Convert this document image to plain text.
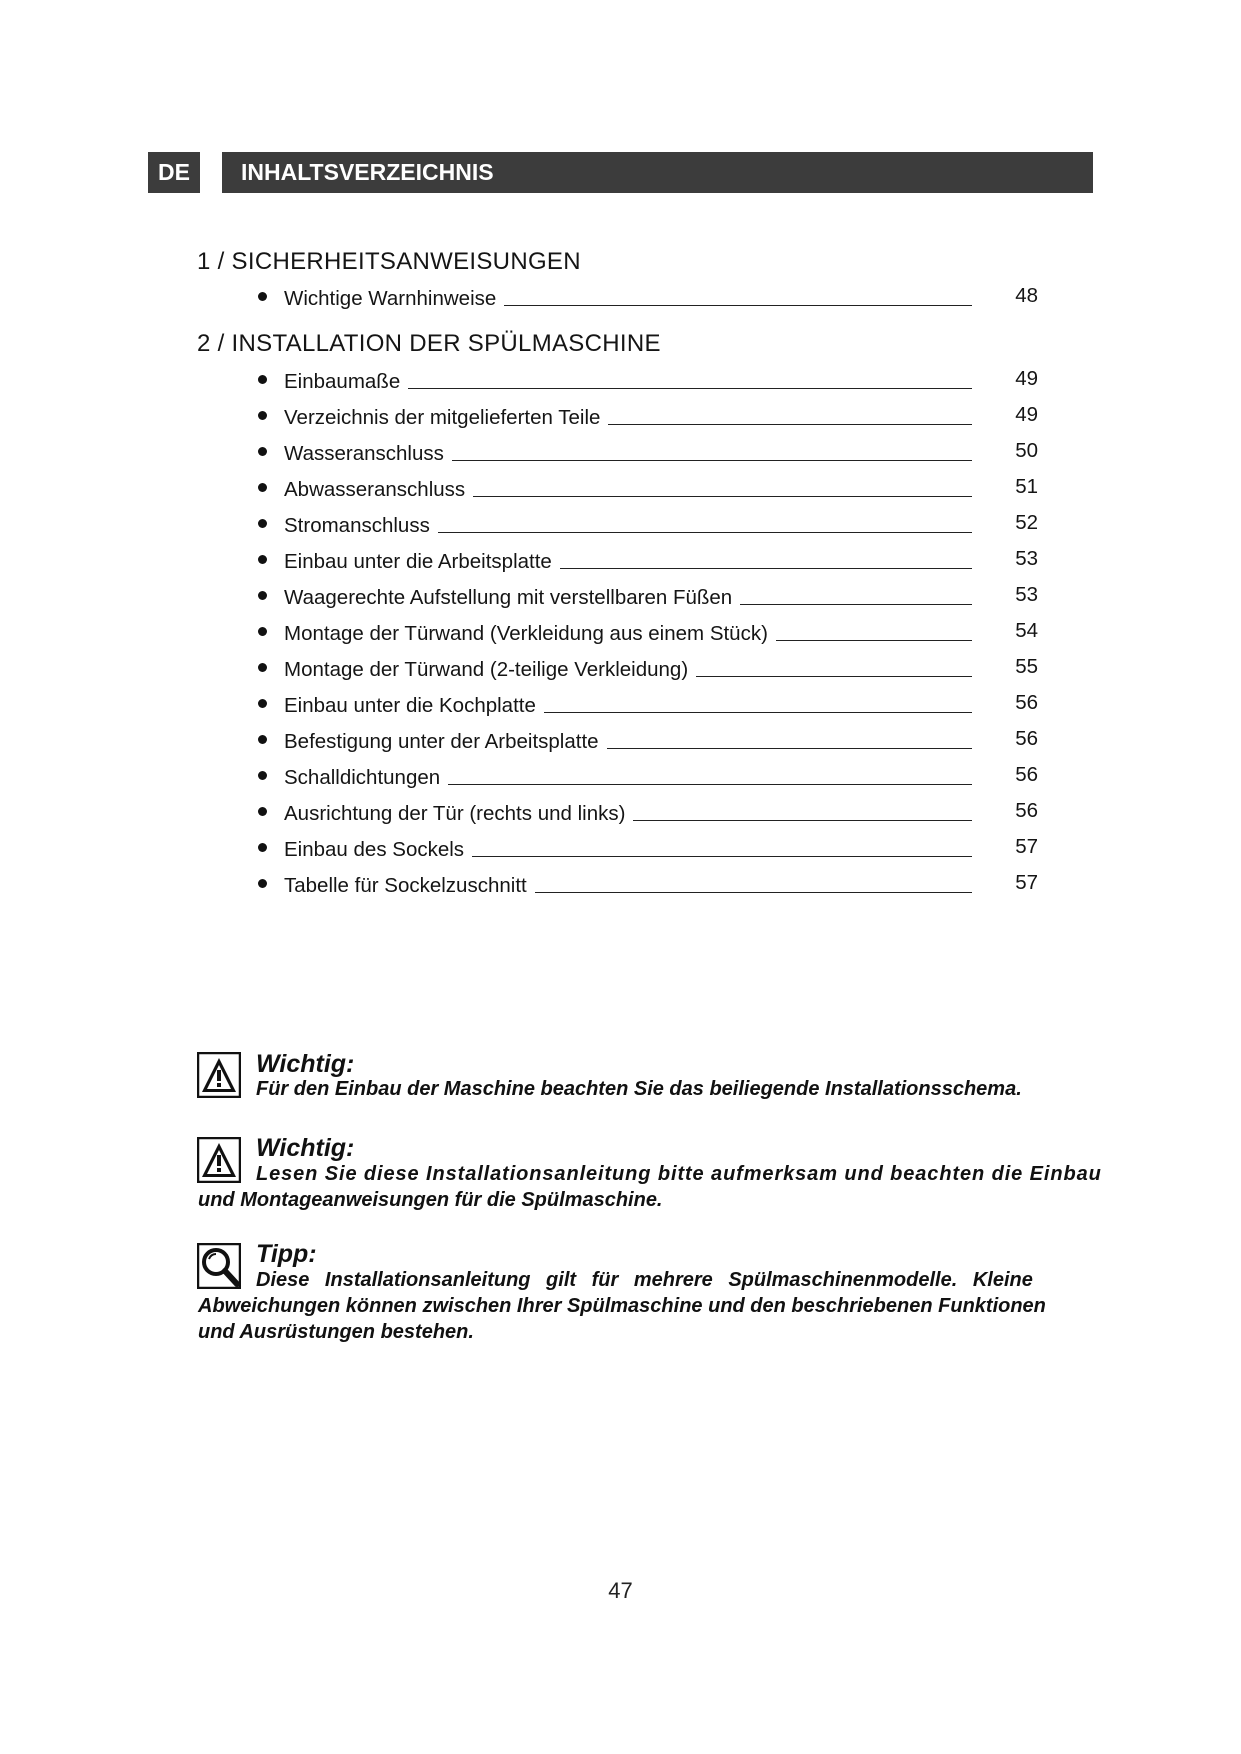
DE	INHALTSVERZEICHNIS
1 / SICHERHEITSANWEISUNGEN
Wichtige Warnhinweise	48
2 / INSTALLATION DER SPÜLMASCHINE
Einbaumaße	49
Verzeichnis der mitgelieferten Teile	49
Wasseranschluss	50
Abwasseranschluss	51
Stromanschluss	52
Einbau unter die Arbeitsplatte	53
Waagerechte Aufstellung mit verstellbaren Füßen	53
Montage der Türwand (Verkleidung aus einem Stück)	54
Montage der Türwand (2-teilige Verkleidung)	55
Einbau unter die Kochplatte	56
Befestigung unter der Arbeitsplatte	56
Schalldichtungen	56
Ausrichtung der Tür (rechts und links)	56
Einbau des Sockels	57
Tabelle für Sockelzuschnitt	57
Wichtig:
Für den Einbau der Maschine beachten Sie das beiliegende Installationsschema.
Wichtig:
Lesen Sie diese Installationsanleitung bitte aufmerksam und beachten die Einbau
und Montageanweisungen für die Spülmaschine.
Tipp:
Diese Installationsanleitung gilt für mehrere Spülmaschinenmodelle. Kleine
Abweichungen können zwischen Ihrer Spülmaschine und den beschriebenen Funktionen
und Ausrüstungen bestehen.
47
